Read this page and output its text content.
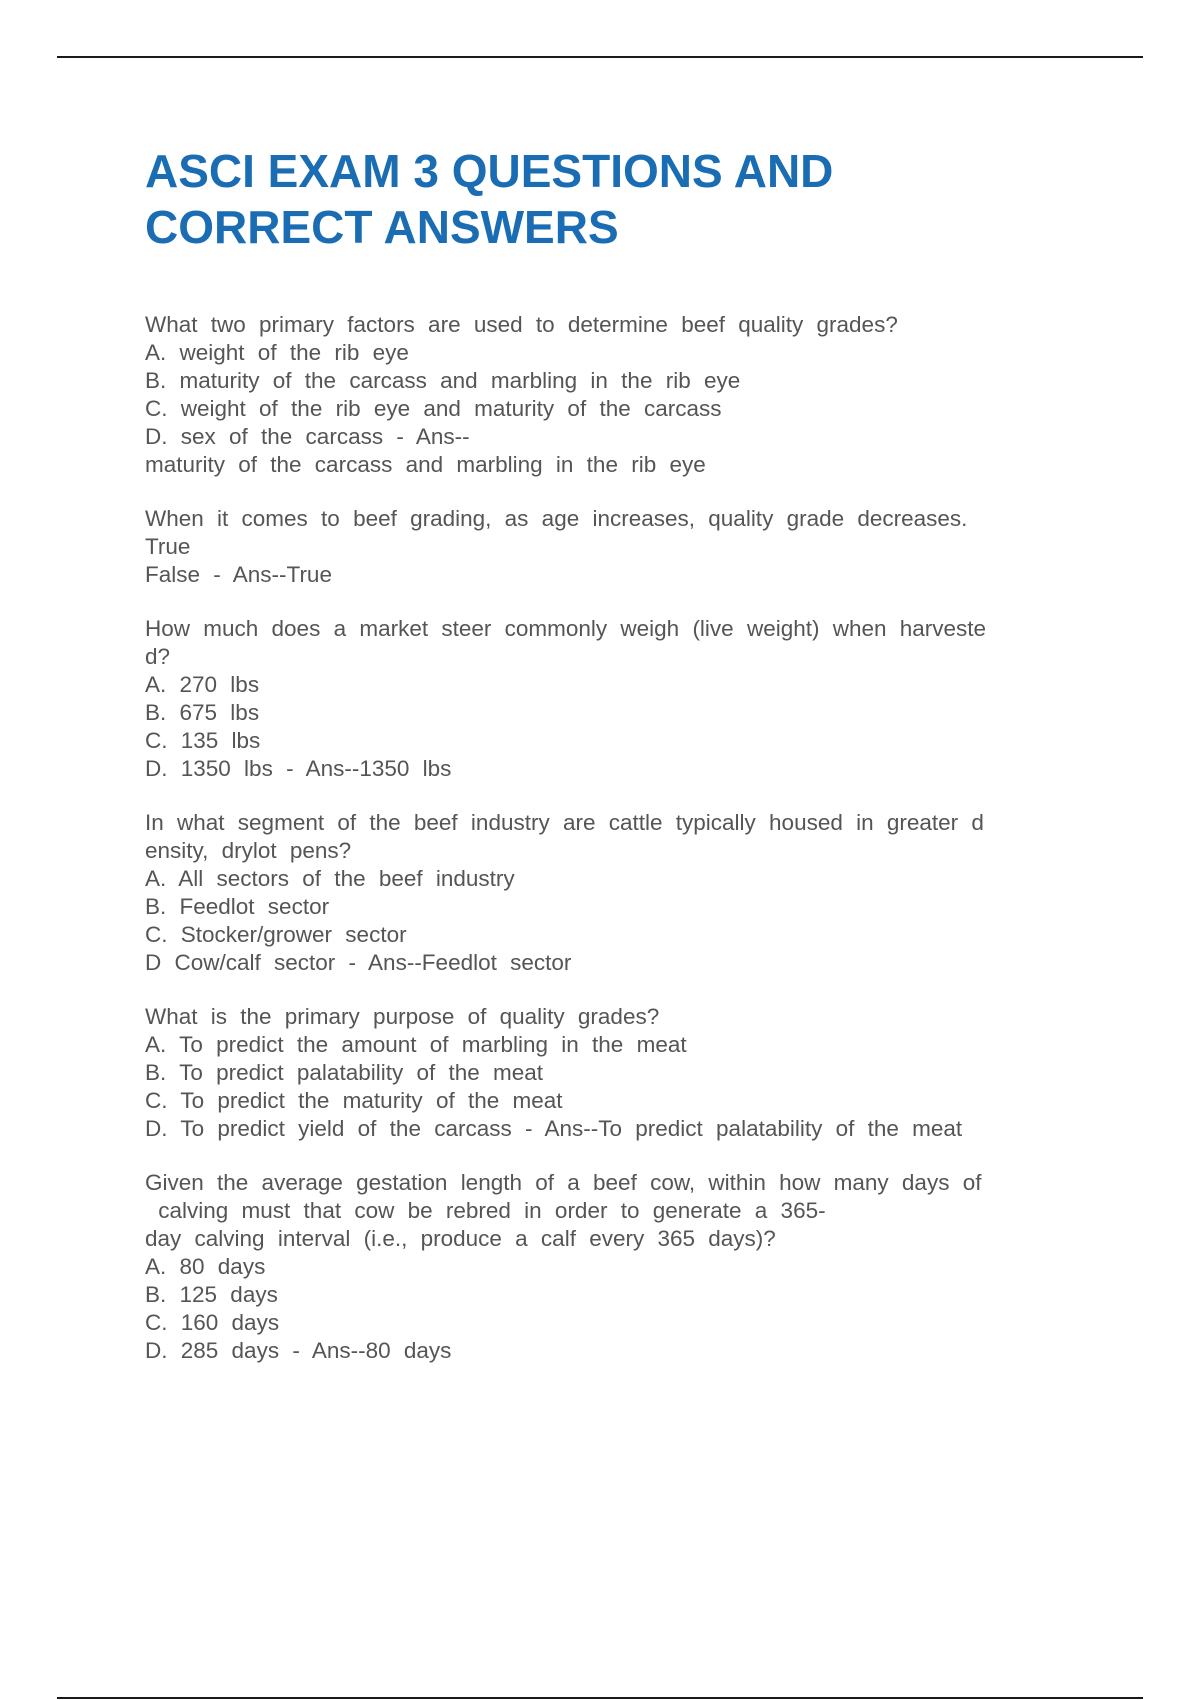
ASCI EXAM 3 QUESTIONS AND
CORRECT ANSWERS
What two primary factors are used to determine beef quality grades?
A. weight of the rib eye
B. maturity of the carcass and marbling in the rib eye
C. weight of the rib eye and maturity of the carcass
D. sex of the carcass - Ans--
maturity of the carcass and marbling in the rib eye
When it comes to beef grading, as age increases, quality grade decreases.
True
False - Ans--True
How much does a market steer commonly weigh (live weight) when harveste
d?
A. 270 lbs
B. 675 lbs
C. 135 lbs
D. 1350 lbs - Ans--1350 lbs
In what segment of the beef industry are cattle typically housed in greater d
ensity, drylot pens?
A. All sectors of the beef industry
B. Feedlot sector
C. Stocker/grower sector
D Cow/calf sector - Ans--Feedlot sector
What is the primary purpose of quality grades?
A. To predict the amount of marbling in the meat
B. To predict palatability of the meat
C. To predict the maturity of the meat
D. To predict yield of the carcass - Ans--To predict palatability of the meat
Given the average gestation length of a beef cow, within how many days of
calving must that cow be rebred in order to generate a 365-
day calving interval (i.e., produce a calf every 365 days)?
A. 80 days
B. 125 days
C. 160 days
D. 285 days - Ans--80 days
